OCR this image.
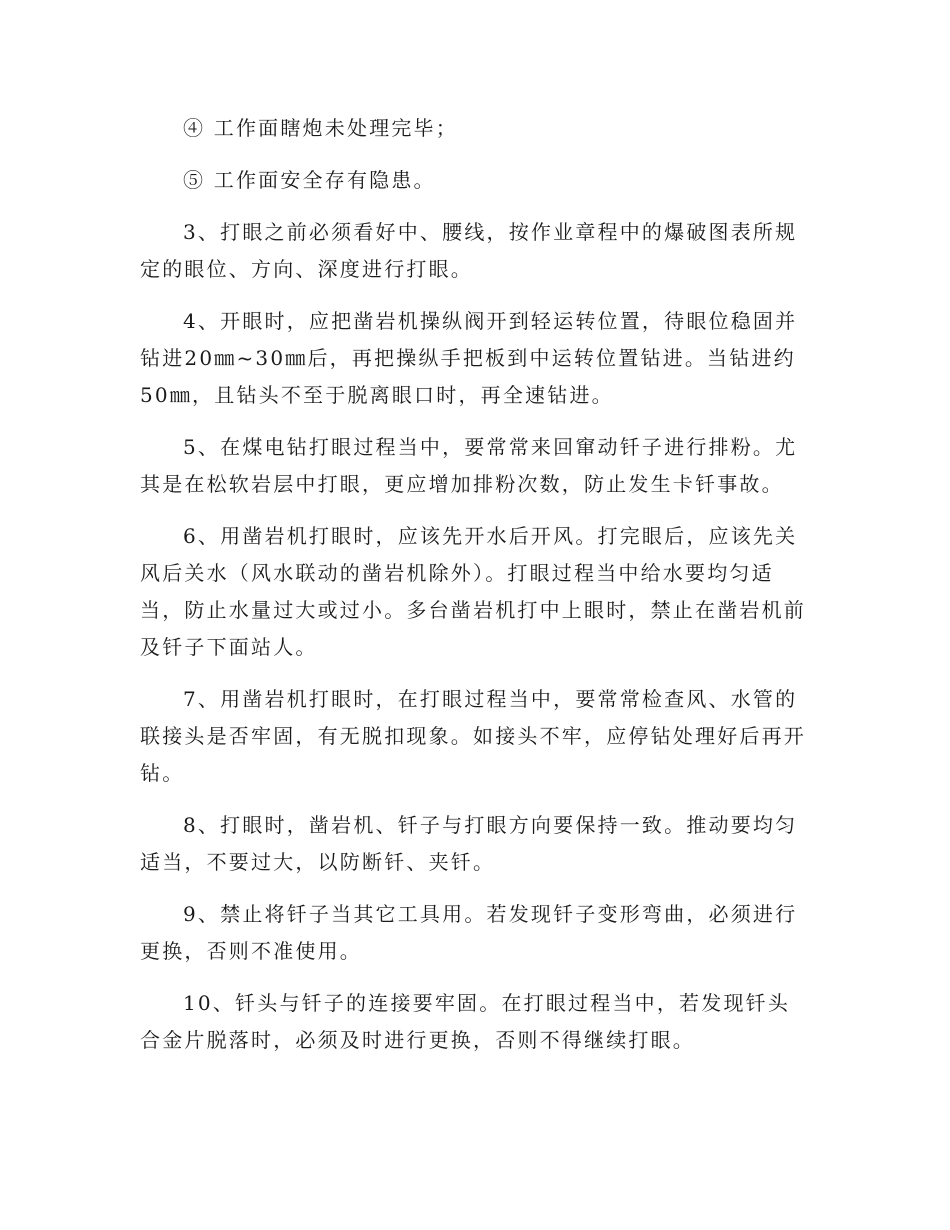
④ 工作面瞎炮未处理完毕；

⑤ 工作面安全存有隐患。

3、打眼之前必须看好中、腰线，按作业章程中的爆破图表所规定的眼位、方向、深度进行打眼。

4、开眼时，应把凿岩机操纵阀开到轻运转位置，待眼位稳固并钻进20㎜~30㎜后，再把操纵手把板到中运转位置钻进。当钻进约
50㎜，且钻头不至于脱离眼口时，再全速钻进。

5、在煤电钻打眼过程当中，要常常来回窜动钎子进行排粉。尤其是在松软岩层中打眼，更应增加排粉次数，防止发生卡钎事故。

6、用凿岩机打眼时，应该先开水后开风。打完眼后，应该先关风后关水（风水联动的凿岩机除外）。打眼过程当中给水要均匀适当，防止水量过大或过小。多台凿岩机打中上眼时，禁止在凿岩机前及钎子下面站人。

7、用凿岩机打眼时，在打眼过程当中，要常常检查风、水管的联接头是否牢固，有无脱扣现象。如接头不牢，应停钻处理好后再开
钻。

8、打眼时，凿岩机、钎子与打眼方向要保持一致。推动要均匀适当，不要过大，以防断钎、夹钎。

9、禁止将钎子当其它工具用。若发现钎子变形弯曲，必须进行更换，否则不准使用。

10、钎头与钎子的连接要牢固。在打眼过程当中，若发现钎头合金片脱落时，必须及时进行更换，否则不得继续打眼。
